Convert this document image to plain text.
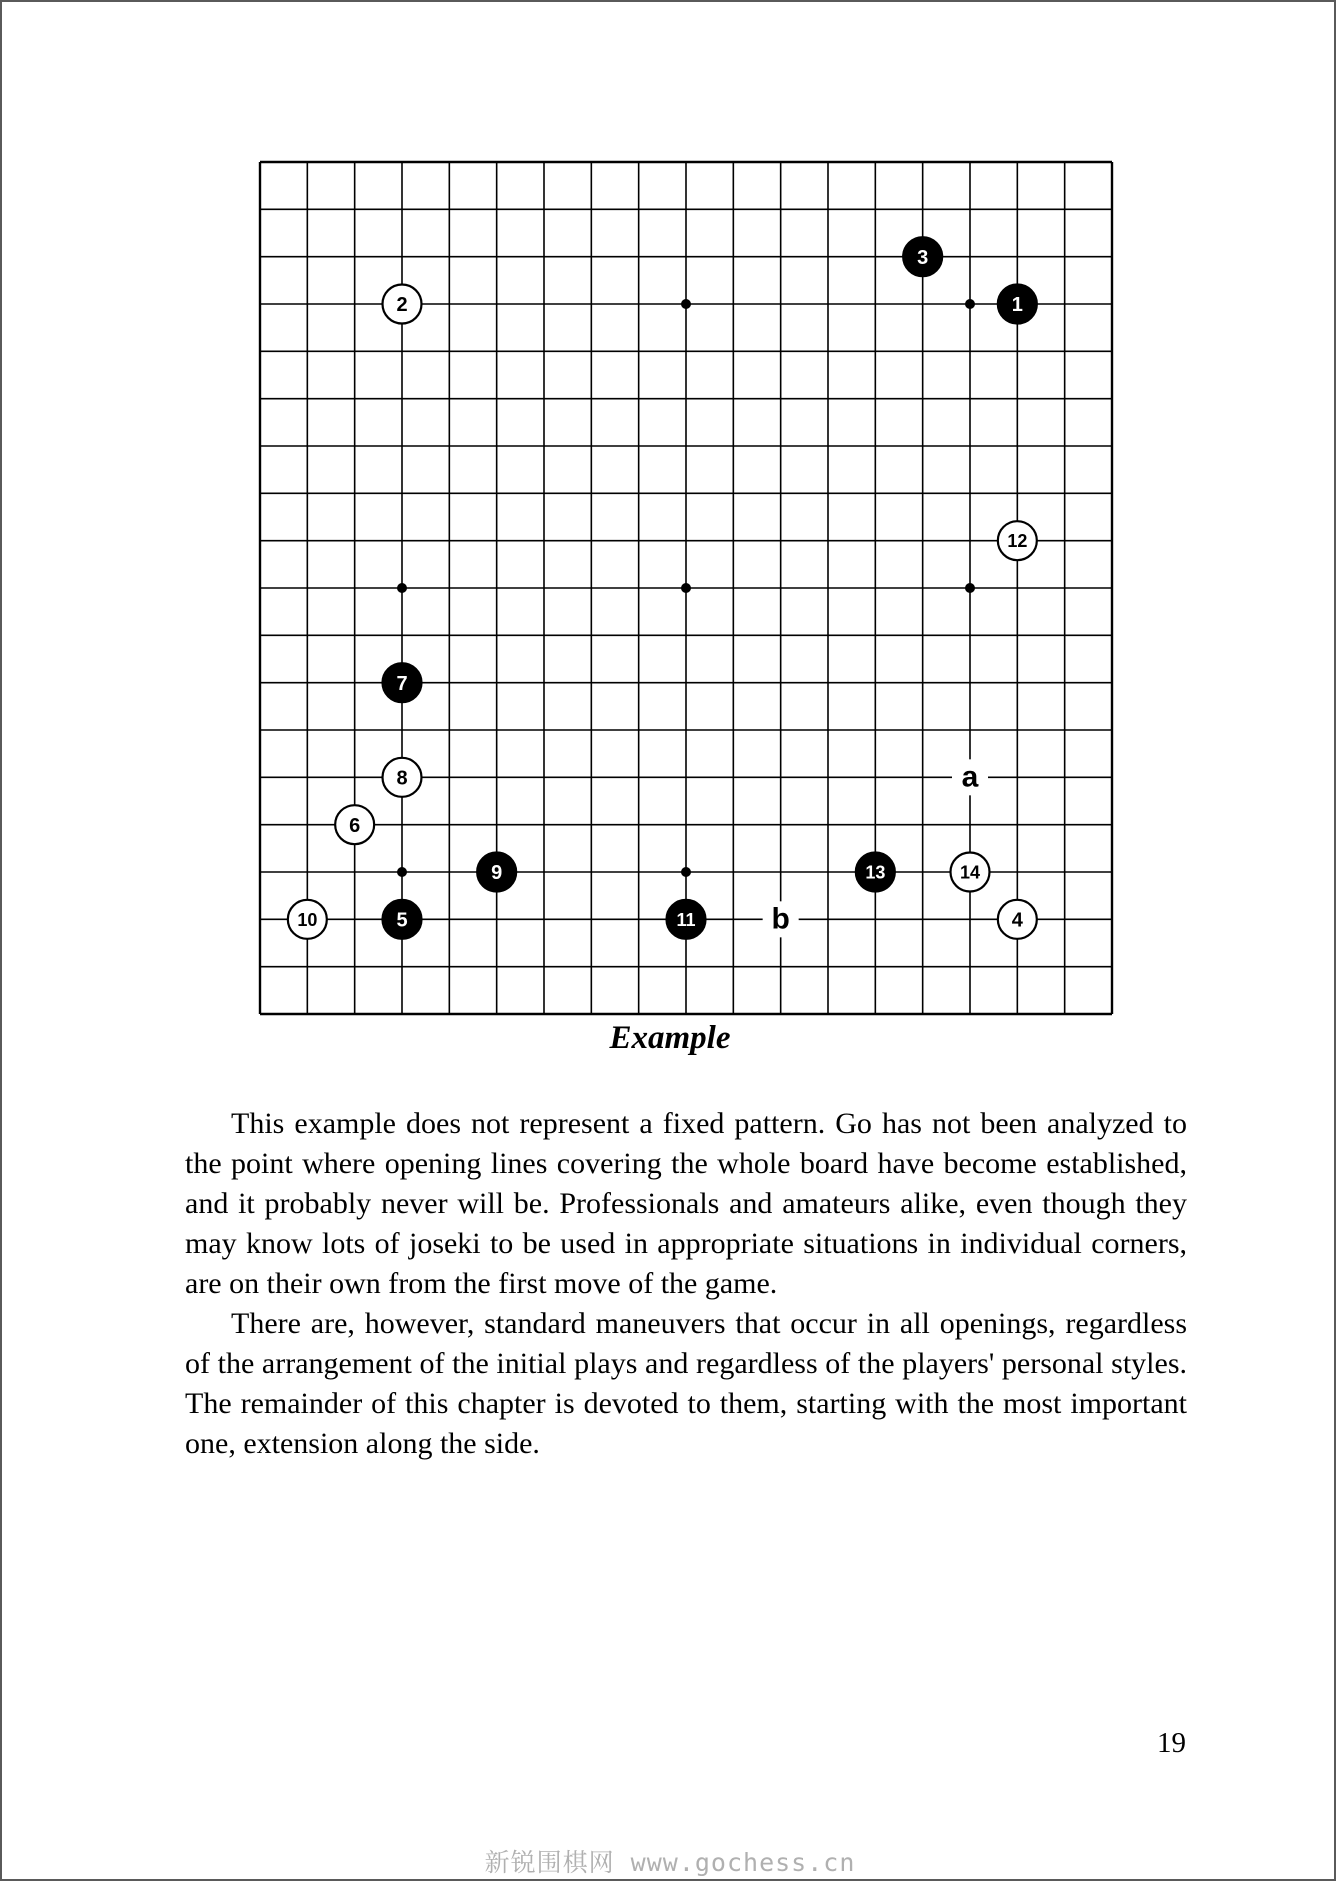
a
b
1
2
3
4
5
6
7
8
9
10	11
12
13	14
Example

This example does not represent a fixed pattern. Go has not been analyzed to the point where opening lines covering the whole board have become established, and it probably never will be. Professionals and amateurs alike, even though they may know lots of joseki to be used in appropriate situations in individual corners, are on their own from the first move of the game.

There are, however, standard maneuvers that occur in all openings, regardless of the arrangement of the initial plays and regardless of the players' personal styles. The remainder of this chapter is devoted to them, starting with the most important one, extension along the side.

19
新锐围棋网 www.gochess.cn
